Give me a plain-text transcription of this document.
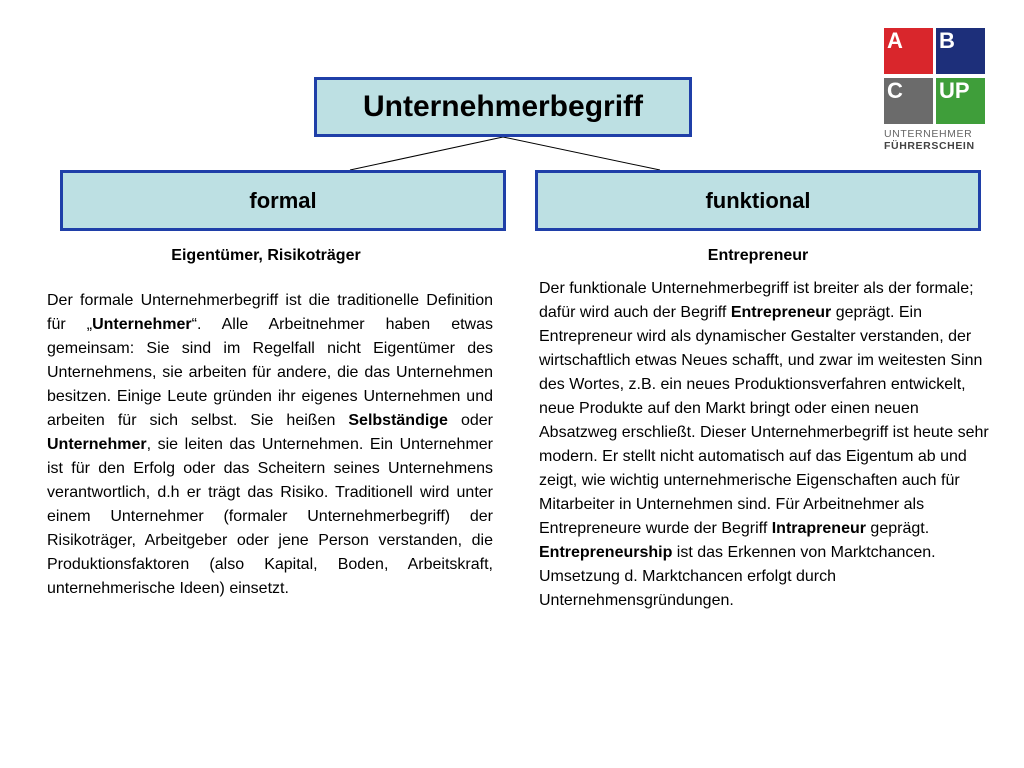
Unternehmerbegriff
formal	funktional
Eigentümer, Risikoträger	Entrepreneur
Der formale Unternehmerbegriff ist die traditionelle Definition für „Unternehmer“. Alle Arbeitnehmer haben etwas gemeinsam: Sie sind im Regelfall nicht Eigentümer des Unternehmens, sie arbeiten für andere, die das Unternehmen besitzen. Einige Leute gründen ihr eigenes Unternehmen und arbeiten für sich selbst. Sie heißen Selbständige oder Unternehmer, sie leiten das Unternehmen. Ein Unternehmer ist für den Erfolg oder das Scheitern seines Unternehmens verantwortlich, d.h er trägt das Risiko. Traditionell wird unter einem Unternehmer (formaler Unternehmerbegriff) der Risikoträger, Arbeitgeber oder jene Person verstanden, die Produktionsfaktoren (also Kapital, Boden, Arbeitskraft, unternehmerische Ideen) einsetzt.
Der funktionale Unternehmerbegriff ist breiter als der formale; dafür wird auch der Begriff Entrepreneur geprägt. Ein Entrepreneur wird als dynamischer Gestalter verstanden, der wirtschaftlich etwas Neues schafft, und zwar im weitesten Sinn des Wortes, z.B. ein neues Produktionsverfahren entwickelt, neue Produkte auf den Markt bringt oder einen neuen Absatzweg erschließt. Dieser Unternehmerbegriff ist heute sehr modern. Er stellt nicht automatisch auf das Eigentum ab und zeigt, wie wichtig unternehmerische Eigenschaften auch für Mitarbeiter in Unternehmen sind. Für Arbeitnehmer als Entrepreneure wurde der Begriff Intrapreneur geprägt. Entrepreneurship ist das Erkennen von Marktchancen. Umsetzung d. Marktchancen erfolgt durch Unternehmensgründungen.
A	B
C	UP
UNTERNEHMER
FÜHRERSCHEIN
